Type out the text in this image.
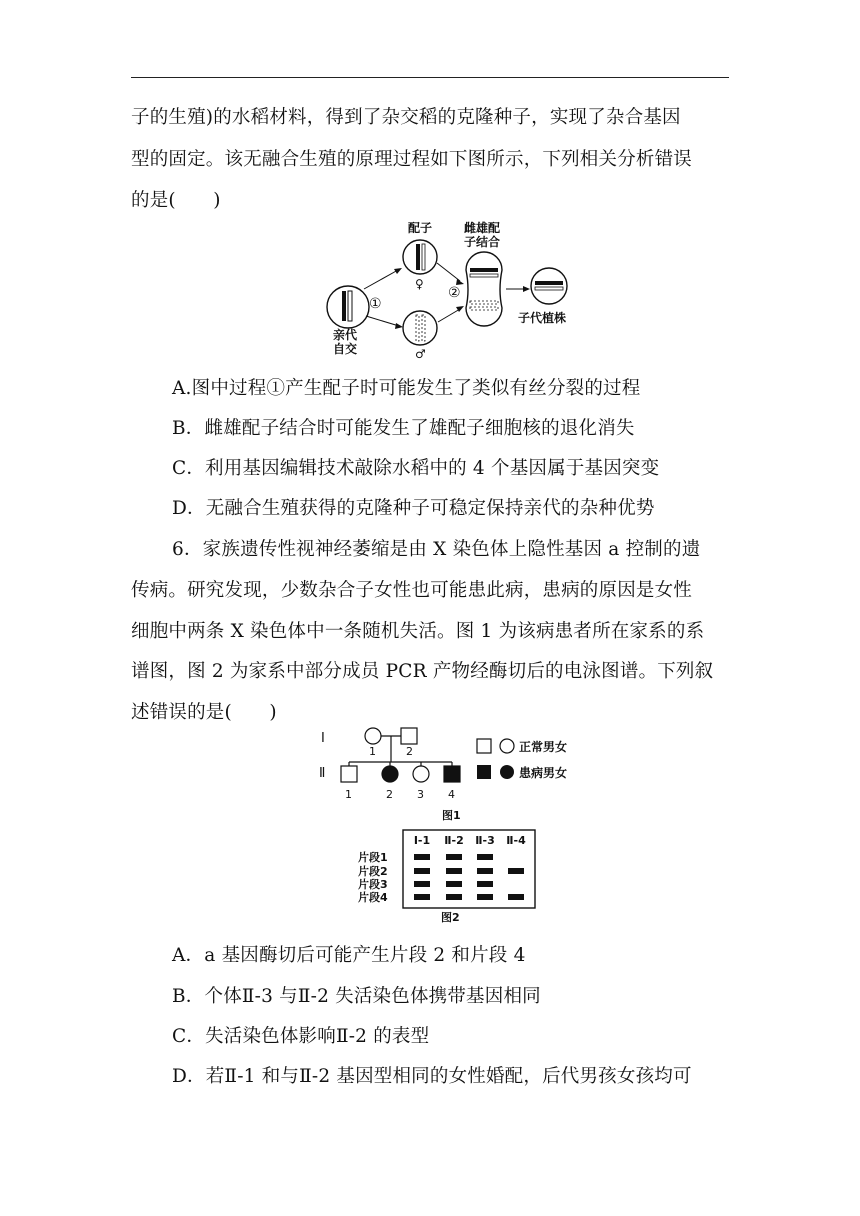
子的生殖)的水稻材料，得到了杂交稻的克隆种子，实现了杂合基因
型的固定。该无融合生殖的原理过程如下图所示，下列相关分析错误
的是(　　)
①
亲代
自交
配子
♀
♂
②
雌雄配
子结合
子代植株
A.图中过程①产生配子时可能发生了类似有丝分裂的过程
B．雌雄配子结合时可能发生了雄配子细胞核的退化消失
C．利用基因编辑技术敲除水稻中的 4 个基因属于基因突变
D．无融合生殖获得的克隆种子可稳定保持亲代的杂种优势
6．家族遗传性视神经萎缩是由 X 染色体上隐性基因 a 控制的遗
传病。研究发现，少数杂合子女性也可能患此病，患病的原因是女性
细胞中两条 X 染色体中一条随机失活。图 1 为该病患者所在家系的系
谱图，图 2 为家系中部分成员 PCR 产物经酶切后的电泳图谱。下列叙
述错误的是(　　)
Ⅰ
Ⅱ
1	2
1	2 3 4
正常男女
患病男女
图1
Ⅰ-1 Ⅱ-2 Ⅱ-3 Ⅱ-4
片段1
片段2
片段3
片段4
图2
A．a 基因酶切后可能产生片段 2 和片段 4
B．个体Ⅱ-3 与Ⅱ-2 失活染色体携带基因相同
C．失活染色体影响Ⅱ-2 的表型
D．若Ⅱ-1 和与Ⅱ-2 基因型相同的女性婚配，后代男孩女孩均可
